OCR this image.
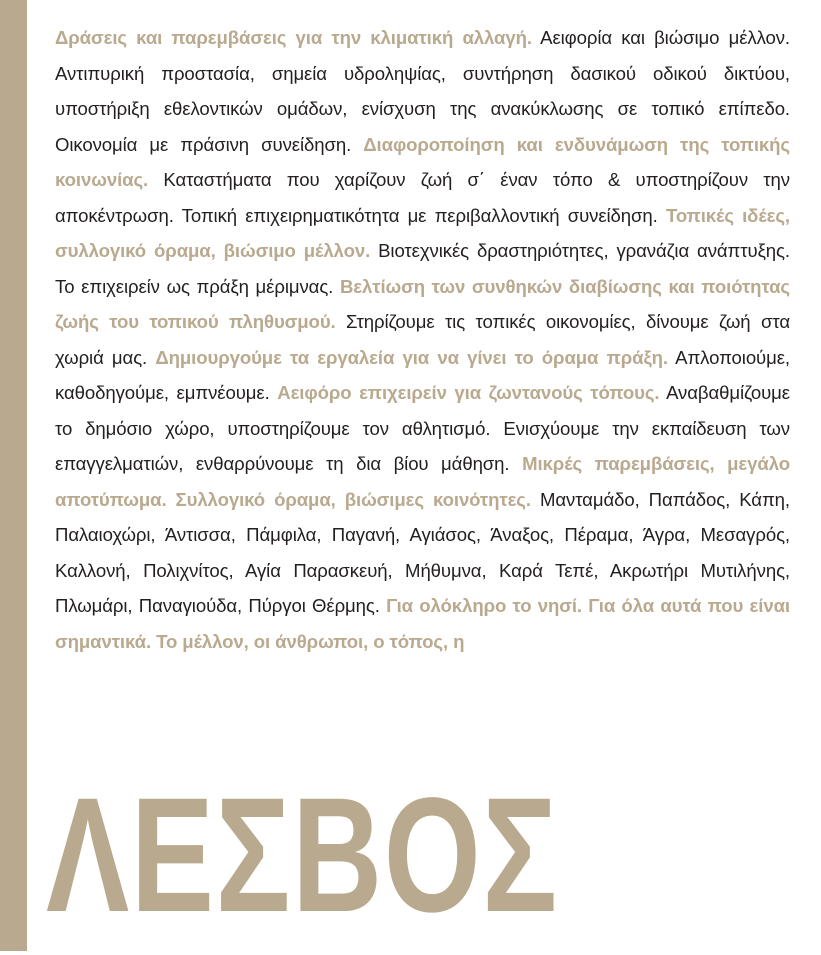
Δράσεις και παρεμβάσεις για την κλιματική αλλαγή. Αειφορία και βιώσιμο μέλλον. Αντιπυρική προστασία, σημεία υδροληψίας, συντήρηση δασικού οδικού δικτύου, υποστήριξη εθελοντικών ομάδων, ενίσχυση της ανακύκλωσης σε τοπικό επίπεδο. Οικονομία με πράσινη συνείδηση. Διαφοροποίηση και ενδυνάμωση της τοπικής κοινωνίας. Καταστήματα που χαρίζουν ζωή σ΄ έναν τόπο & υποστηρίζουν την αποκέντρωση. Τοπική επιχειρηματικότητα με περιβαλλοντική συνείδηση. Τοπικές ιδέες, συλλογικό όραμα, βιώσιμο μέλλον. Βιοτεχνικές δραστηριότητες, γρανάζια ανάπτυξης. Το επιχειρείν ως πράξη μέριμνας. Βελτίωση των συνθηκών διαβίωσης και ποιότητας ζωής του τοπικού πληθυσμού. Στηρίζουμε τις τοπικές οικονομίες, δίνουμε ζωή στα χωριά μας. Δημιουργούμε τα εργαλεία για να γίνει το όραμα πράξη. Απλοποιούμε, καθοδηγούμε, εμπνέουμε. Αειφόρο επιχειρείν για ζωντανούς τόπους. Αναβαθμίζουμε το δημόσιο χώρο, υποστηρίζουμε τον αθλητισμό. Ενισχύουμε την εκπαίδευση των επαγγελματιών, ενθαρρύνουμε τη δια βίου μάθηση. Μικρές παρεμβάσεις, μεγάλο αποτύπωμα. Συλλογικό όραμα, βιώσιμες κοινότητες. Μανταμάδο, Παπάδος, Κάπη, Παλαιοχώρι, Άντισσα, Πάμφιλα, Παγανή, Αγιάσος, Άναξος, Πέραμα, Άγρα, Μεσαγρός, Καλλονή, Πολιχνίτος, Αγία Παρασκευή, Μήθυμνα, Καρά Τεπέ, Ακρωτήρι Μυτιλήνης, Πλωμάρι, Παναγιούδα, Πύργοι Θέρμης. Για ολόκληρο το νησί. Για όλα αυτά που είναι σημαντικά. Το μέλλον, οι άνθρωποι, ο τόπος, η
ΛΕΣΒΟΣ
